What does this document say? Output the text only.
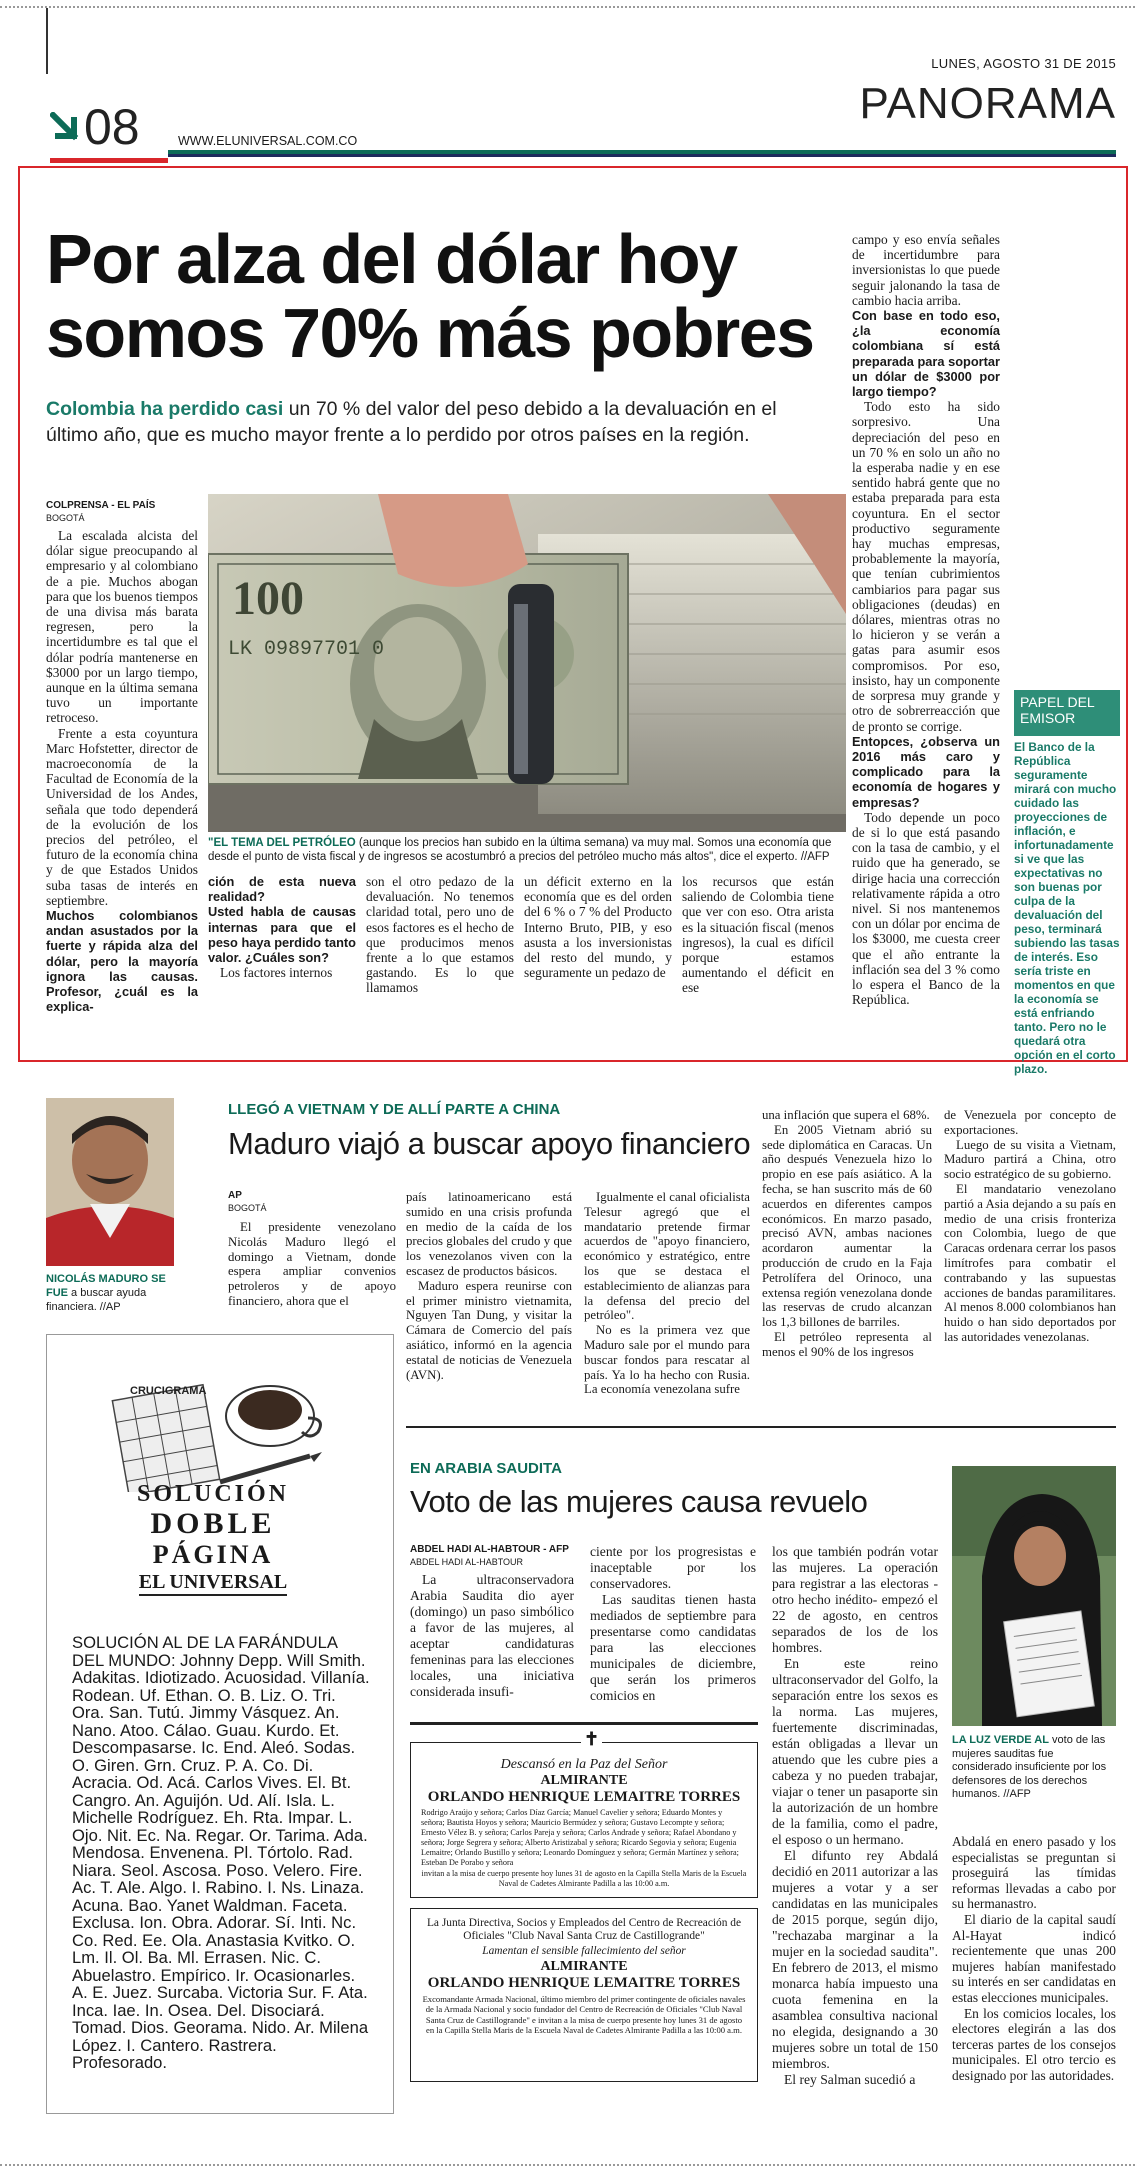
LUNES, AGOSTO 31 DE 2015
PANORAMA
08	WWW.ELUNIVERSAL.COM.CO
Por alza del dólar hoy
somos 70% más pobres
Colombia ha perdido casi un 70 % del valor del peso debido a la devaluación en el
último año, que es mucho mayor frente a lo perdido por otros países en la región.
COLPRENSA - EL PAÍS
BOGOTÁ

La escalada alcista del dólar sigue preocupando al empresario y al colombiano de a pie. Muchos abogan para que los buenos tiempos de una divisa más barata regresen, pero la incertidumbre es tal que el dólar podría mantenerse en $3000 por un largo tiempo, aunque en la última semana tuvo un importante retroceso.

Frente a esta coyuntura Marc Hofstetter, director de macroeconomía de la Facultad de Economía de la Universidad de los Andes, señala que todo dependerá de la evolución de los precios del petróleo, el futuro de la economía china y de que Estados Unidos suba tasas de interés en septiembre.

Muchos colombianos andan asustados por la fuerte y rápida alza del dólar, pero la mayoría ignora las causas. Profesor, ¿cuál es la explica-

100
LK 09897701 0
"EL TEMA DEL PETRÓLEO (aunque los precios han subido en la última semana) va muy mal. Somos una economía que desde el punto de vista fiscal y de ingresos se acostumbró a precios del petróleo mucho más altos", dice el experto. //AFP

ción de esta nueva realidad?

Usted habla de causas internas para que el peso haya perdido tanto valor. ¿Cuáles son?

Los factores internos

son el otro pedazo de la devaluación. No tenemos claridad total, pero uno de esos factores es el hecho de que producimos menos frente a lo que estamos gastando. Es lo que llamamos

un déficit externo en la economía que es del orden del 6 % o 7 % del Producto Interno Bruto, PIB, y eso asusta a los inversionistas del resto del mundo, y seguramente un pedazo de

los recursos que están saliendo de Colombia tiene que ver con eso. Otra arista es la situación fiscal (menos ingresos), la cual es difícil porque estamos aumentando el déficit en ese

campo y eso envía señales de incertidumbre para inversionistas lo que puede seguir jalonando la tasa de cambio hacia arriba.

Con base en todo eso, ¿la economía colombiana sí está preparada para soportar un dólar de $3000 por largo tiempo?

Todo esto ha sido sorpresivo. Una depreciación del peso en un 70 % en solo un año no la esperaba nadie y en ese sentido habrá gente que no estaba preparada para esta coyuntura. En el sector productivo seguramente hay muchas empresas, probablemente la mayoría, que tenían cubrimientos cambiarios para pagar sus obligaciones (deudas) en dólares, mientras otras no lo hicieron y se verán a gatas para asumir esos compromisos. Por eso, insisto, hay un componente de sorpresa muy grande y otro de sobrerreacción que de pronto se corrige.

Entopces, ¿observa un 2016 más caro y complicado para la economía de hogares y empresas?

Todo depende un poco de si lo que está pasando con la tasa de cambio, y el ruido que ha generado, se dirige hacia una corrección relativamente rápida a otro nivel. Si nos mantenemos con un dólar por encima de los $3000, me cuesta creer que el año entrante la inflación sea del 3 % como lo espera el Banco de la República.

PAPEL DEL
EMISOR
El Banco de la República seguramente mirará con mucho cuidado las proyecciones de inflación, e infortunadamente si ve que las expectativas no son buenas por culpa de la devaluación del peso, terminará subiendo las tasas de interés. Eso sería triste en momentos en que la economía se está enfriando tanto. Pero no le quedará otra opción en el corto plazo.
NICOLÁS MADURO SE FUE a buscar ayuda financiera. //AP
LLEGÓ A VIETNAM Y DE ALLÍ PARTE A CHINA
Maduro viajó a buscar apoyo financiero
AP
BOGOTÁ

El presidente venezolano Nicolás Maduro llegó el domingo a Vietnam, donde espera ampliar convenios petroleros y de apoyo financiero, ahora que el

país latinoamericano está sumido en una crisis profunda en medio de la caída de los precios globales del crudo y que los venezolanos viven con la escasez de productos básicos.

Maduro espera reunirse con el primer ministro vietnamita, Nguyen Tan Dung, y visitar la Cámara de Comercio del país asiático, informó en la agencia estatal de noticias de Venezuela (AVN).

Igualmente el canal oficialista Telesur agregó que el mandatario pretende firmar acuerdos de "apoyo financiero, económico y estratégico, entre los que se destaca el establecimiento de alianzas para la defensa del precio del petróleo".

No es la primera vez que Maduro sale por el mundo para buscar fondos para rescatar al país. Ya lo ha hecho con Rusia. La economía venezolana sufre

una inflación que supera el 68%.

En 2005 Vietnam abrió su sede diplomática en Caracas. Un año después Venezuela hizo lo propio en ese país asiático. A la fecha, se han suscrito más de 60 acuerdos en diferentes campos económicos. En marzo pasado, precisó AVN, ambas naciones acordaron aumentar la producción de crudo en la Faja Petrolífera del Orinoco, una extensa región venezolana donde las reservas de crudo alcanzan los 1,3 billones de barriles.

El petróleo representa al menos el 90% de los ingresos

de Venezuela por concepto de exportaciones.

Luego de su visita a Vietnam, Maduro partirá a China, otro socio estratégico de su gobierno.

El mandatario venezolano partió a Asia dejando a su país en medio de una crisis fronteriza con Colombia, luego de que Caracas ordenara cerrar los pasos limítrofes para combatir el contrabando y las supuestas acciones de bandas paramilitares. Al menos 8.000 colombianos han huido o han sido deportados por las autoridades venezolanas.

CRUCIGRAMA
SOLUCIÓN
DOBLE
PÁGINA
EL UNIVERSAL
SOLUCIÓN AL DE LA FARÁNDULA DEL MUNDO: Johnny Depp. Will Smith. Adakitas. Idiotizado. Acuosidad. Villanía. Rodean. Uf. Ethan. O. B. Liz. O. Tri. Ora. San. Tutú. Jimmy Vásquez. An. Nano. Atoo. Cálao. Guau. Kurdo. Et. Descompasarse. Ic. End. Aleó. Sodas. O. Giren. Grn. Cruz. P. A. Co. Di. Acracia. Od. Acá. Carlos Vives. El. Bt. Cangro. An. Aguijón. Ud. Alí. Isla. L. Michelle Rodríguez. Eh. Rta. Impar. L. Ojo. Nit. Ec. Na. Regar. Or. Tarima. Ada. Mendosa. Envenena. Pl. Tórtolo. Rad. Niara. Seol. Ascosa. Poso. Velero. Fire. Ac. T. Ale. Algo. I. Rabino. I. Ns. Linaza. Acuna. Bao. Yanet Waldman. Faceta. Exclusa. Ion. Obra. Adorar. Sí. Inti. Nc. Co. Red. Ee. Ola. Anastasia Kvitko. O. Lm. Il. Ol. Ba. Ml. Errasen. Nic. C. Abuelastro. Empírico. Ir. Ocasionarles. A. E. Juez. Surcaba. Victoria Sur. F. Ata. Inca. Iae. In. Osea. Del. Disociará. Tomad. Dios. Georama. Nido. Ar. Milena López. I. Cantero. Rastrera. Profesorado.
EN ARABIA SAUDITA
Voto de las mujeres causa revuelo
ABDEL HADI AL-HABTOUR - AFP
ABDEL HADI AL-HABTOUR

La ultraconservadora Arabia Saudita dio ayer (domingo) un paso simbólico a favor de las mujeres, al aceptar candidaturas femeninas para las elecciones locales, una iniciativa considerada insufi-

ciente por los progresistas e inaceptable por los conservadores.

Las sauditas tienen hasta mediados de septiembre para presentarse como candidatas para las elecciones municipales de diciembre, que serán los primeros comicios en

los que también podrán votar las mujeres. La operación para registrar a las electoras -otro hecho inédito- empezó el 22 de agosto, en centros separados de los de los hombres.

En este reino ultraconservador del Golfo, la separación entre los sexos es la norma. Las mujeres, fuertemente discriminadas, están obligadas a llevar un atuendo que les cubre pies a cabeza y no pueden trabajar, viajar o tener un pasaporte sin la autorización de un hombre de la familia, como el padre, el esposo o un hermano.

El difunto rey Abdalá decidió en 2011 autorizar a las mujeres a votar y a ser candidatas en las municipales de 2015 porque, según dijo, "rechazaba marginar a la mujer en la sociedad saudita". En febrero de 2013, el mismo monarca había impuesto una cuota femenina en la asamblea consultiva nacional no elegida, designando a 30 mujeres sobre un total de 150 miembros.

El rey Salman sucedió a

LA LUZ VERDE AL voto de las mujeres sauditas fue considerado insuficiente por los defensores de los derechos humanos. //AFP

Abdalá en enero pasado y los especialistas se preguntan si proseguirá las tímidas reformas llevadas a cabo por su hermanastro.

El diario de la capital saudí Al-Hayat indicó recientemente que unas 200 mujeres habían manifestado su interés en ser candidatas en estas elecciones municipales.

En los comicios locales, los electores elegirán a las dos terceras partes de los consejos municipales. El otro tercio es designado por las autoridades.

✝
Descansó en la Paz del Señor
ALMIRANTE
ORLANDO HENRIQUE LEMAITRE TORRES
Rodrigo Araújo y señora; Carlos Díaz García; Manuel Cavelier y señora; Eduardo Montes y señora; Bautista Hoyos y señora; Mauricio Bermúdez y señora; Gustavo Lecompte y señora; Ernesto Vélez B. y señora; Carlos Pareja y señora; Carlos Andrade y señora; Rafael Abondano y señora; Jorge Segrera y señora; Alberto Aristizabal y señora; Ricardo Segovia y señora; Eugenia Lemaitre; Orlando Bustillo y señora; Leonardo Domínguez y señora; Germán Martínez y señora; Esteban De Porabo y señora
invitan a la misa de cuerpo presente hoy lunes 31 de agosto en la Capilla Stella Maris de la Escuela Naval de Cadetes Almirante Padilla a las 10:00 a.m.
La Junta Directiva, Socios y Empleados del Centro de Recreación de Oficiales "Club Naval Santa Cruz de Castillogrande"
Lamentan el sensible fallecimiento del señor
ALMIRANTE
ORLANDO HENRIQUE LEMAITRE TORRES
Excomandante Armada Nacional, último miembro del primer contingente de oficiales navales de la Armada Nacional y socio fundador del Centro de Recreación de Oficiales "Club Naval Santa Cruz de Castillogrande" e invitan a la misa de cuerpo presente hoy lunes 31 de agosto en la Capilla Stella Maris de la Escuela Naval de Cadetes Almirante Padilla a las 10:00 a.m.
